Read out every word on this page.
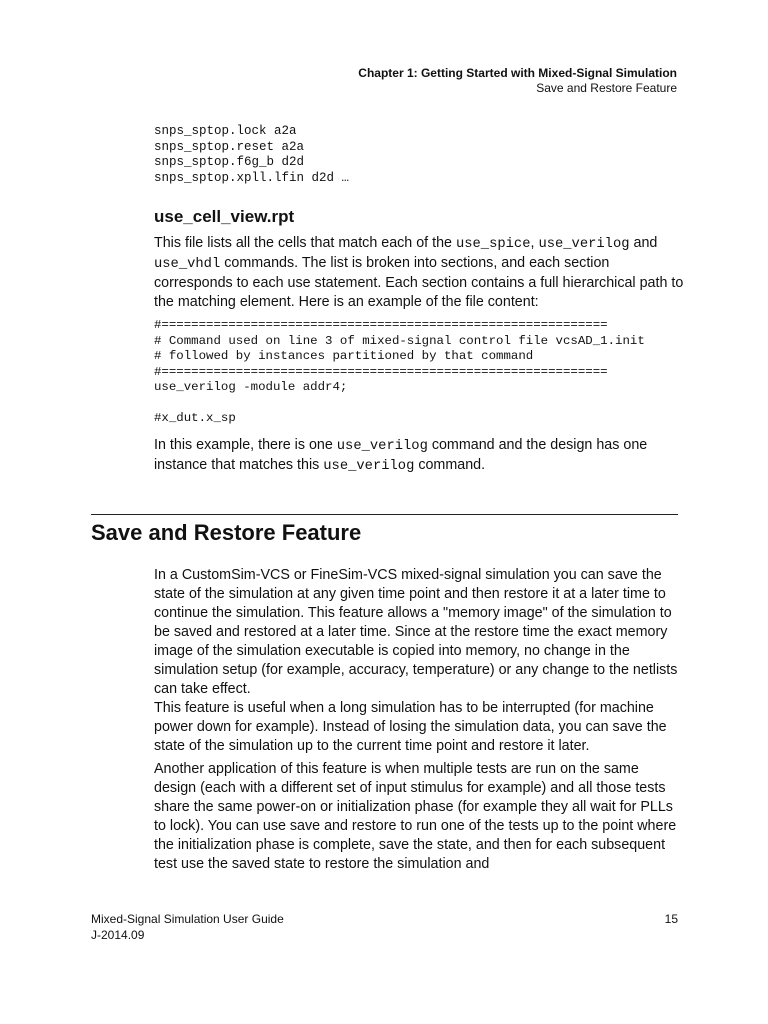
Chapter 1: Getting Started with Mixed-Signal Simulation
Save and Restore Feature
snps_sptop.lock a2a
snps_sptop.reset a2a
snps_sptop.f6g_b d2d
snps_sptop.xpll.lfin d2d …
use_cell_view.rpt

This file lists all the cells that match each of the use_spice, use_verilog and use_vhdl commands. The list is broken into sections, and each section corresponds to each use statement. Each section contains a full hierarchical path to the matching element. Here is an example of the file content:

#============================================================
# Command used on line 3 of mixed-signal control file vcsAD_1.init
# followed by instances partitioned by that command
#============================================================
use_verilog -module addr4;
#x_dut.x_sp

In this example, there is one use_verilog command and the design has one instance that matches this use_verilog command.

Save and Restore Feature

In a CustomSim-VCS or FineSim-VCS mixed-signal simulation you can save the state of the simulation at any given time point and then restore it at a later time to continue the simulation. This feature allows a "memory image" of the simulation to be saved and restored at a later time. Since at the restore time the exact memory image of the simulation executable is copied into memory, no change in the simulation setup (for example, accuracy, temperature) or any change to the netlists can take effect.

This feature is useful when a long simulation has to be interrupted (for machine power down for example). Instead of losing the simulation data, you can save the state of the simulation up to the current time point and restore it later.

Another application of this feature is when multiple tests are run on the same design (each with a different set of input stimulus for example) and all those tests share the same power-on or initialization phase (for example they all wait for PLLs to lock). You can use save and restore to run one of the tests up to the point where the initialization phase is complete, save the state, and then for each subsequent test use the saved state to restore the simulation and

Mixed-Signal Simulation User Guide
J-2014.09
15
